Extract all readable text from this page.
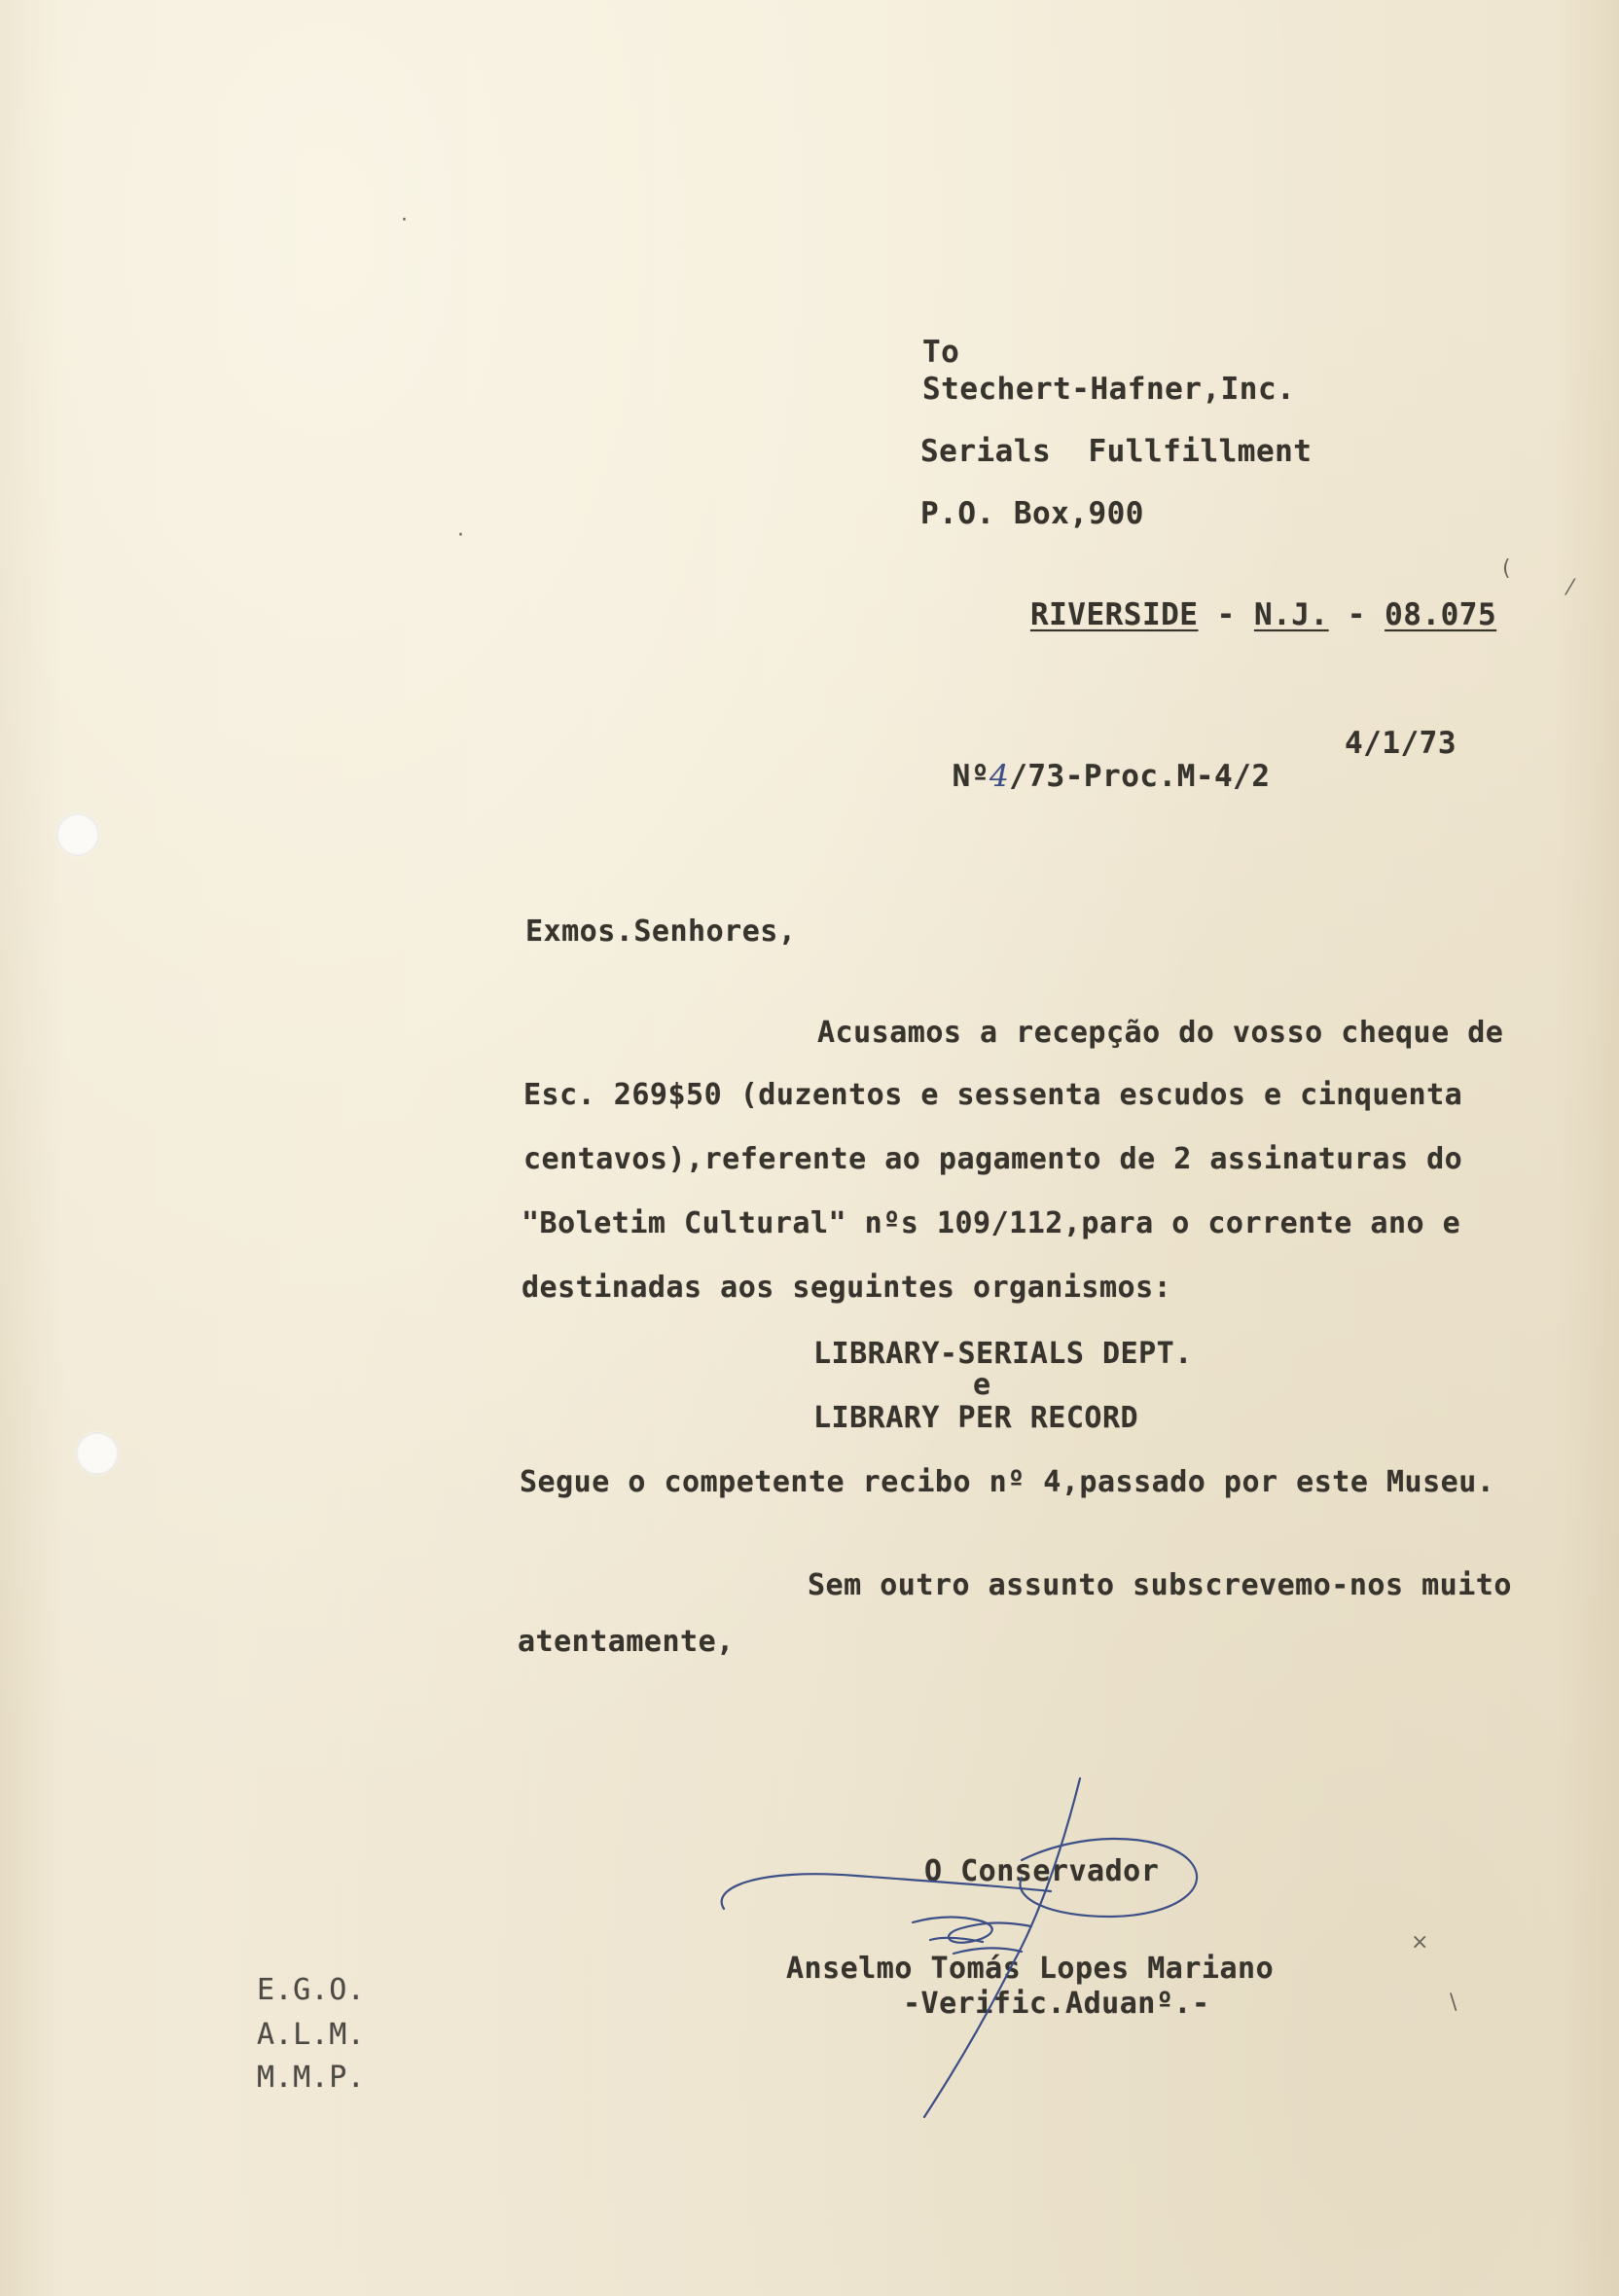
To
Stechert-Hafner,Inc.
Serials  Fullfillment
P.O. Box,900

RIVERSIDE - N.J. - 08.075

Nº4/73-Proc.M-4/2

4/1/73
Exmos.Senhores,
Acusamos a recepção do vosso cheque de
Esc. 269$50 (duzentos e sessenta escudos e cinquenta
centavos),referente ao pagamento de 2 assinaturas do
"Boletim Cultural" nºs 109/112,para o corrente ano e
destinadas aos seguintes organismos:
LIBRARY-SERIALS DEPT.
e
LIBRARY PER RECORD
Segue o competente recibo nº 4,passado por este Museu.
Sem outro assunto subscrevemo-nos muito
atentamente,
O Conservador
Anselmo Tomás Lopes Mariano
-Verific.Aduanº.-
E.G.O.
A.L.M.
M.M.P.
·
·
(
⁄
\
×
